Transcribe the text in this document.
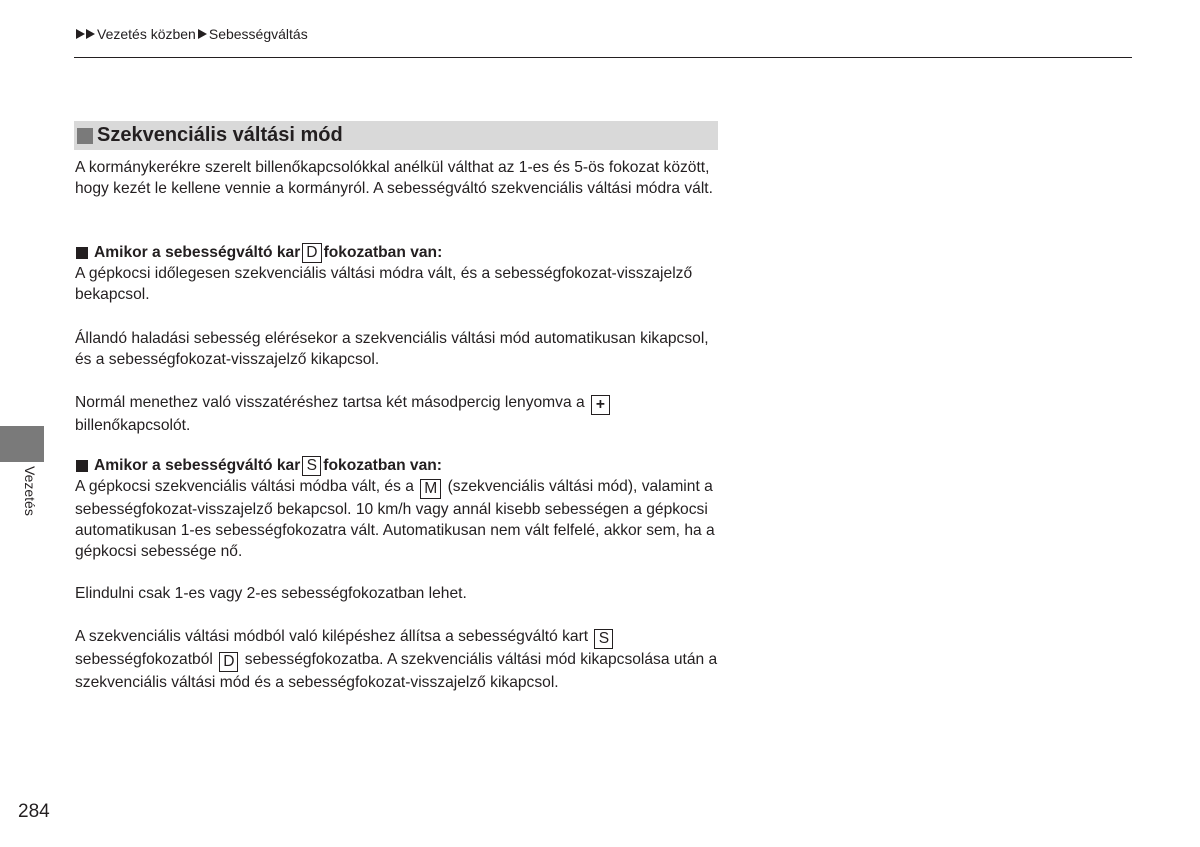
Vezetés közben Sebességváltás
Szekvenciális váltási mód

A kormánykerékre szerelt billenőkapcsolókkal anélkül válthat az 1-es és 5-ös fokozat között, hogy kezét le kellene vennie a kormányról. A sebességváltó szekvenciális váltási módra vált.

Amikor a sebességváltó kar D fokozatban van:

A gépkocsi időlegesen szekvenciális váltási módra vált, és a sebességfokozat-visszajelző bekapcsol.

Állandó haladási sebesség elérésekor a szekvenciális váltási mód automatikusan kikapcsol, és a sebességfokozat-visszajelző kikapcsol.

Normál menethez való visszatéréshez tartsa két másodpercig lenyomva a +
billenőkapcsolót.

Amikor a sebességváltó kar S fokozatban van:

A gépkocsi szekvenciális váltási módba vált, és a M (szekvenciális váltási mód), valamint a sebességfokozat-visszajelző bekapcsol. 10 km/h vagy annál kisebb sebességen a gépkocsi automatikusan 1-es sebességfokozatra vált. Automatikusan nem vált felfelé, akkor sem, ha a gépkocsi sebessége nő.

Elindulni csak 1-es vagy 2-es sebességfokozatban lehet.

A szekvenciális váltási módból való kilépéshez állítsa a sebességváltó kart S
sebességfokozatból D sebességfokozatba. A szekvenciális váltási mód kikapcsolása után a szekvenciális váltási mód és a sebességfokozat-visszajelző kikapcsol.

Vezetés
284
